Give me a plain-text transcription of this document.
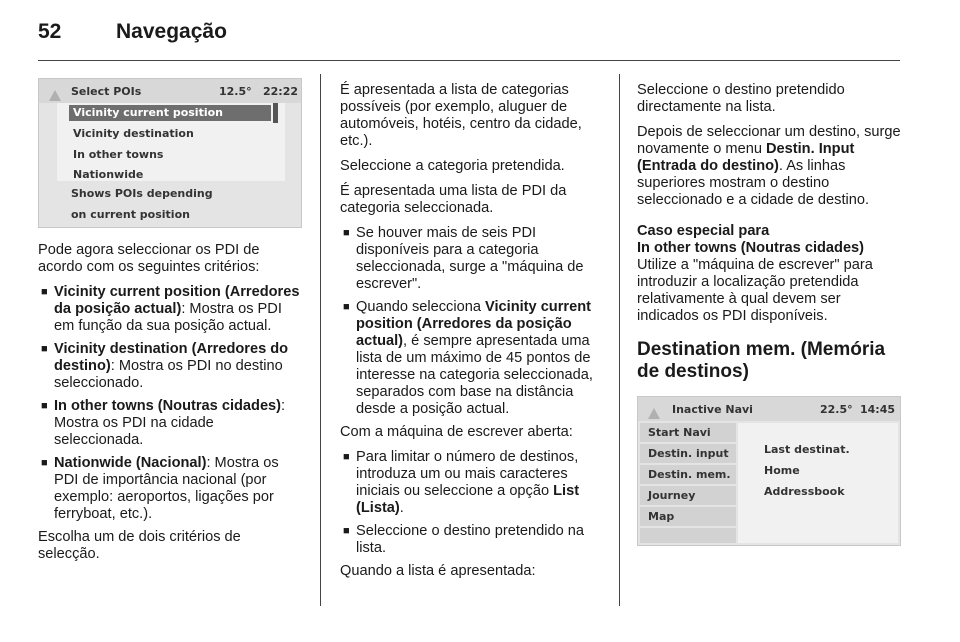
52	Navegação
Select POIs	12.5° 22:22
Vicinity current position
Vicinity destination
In other towns
Nationwide
Shows POIs depending
on current position

Pode agora seleccionar os PDI de acordo com os seguintes critérios:

■ Vicinity current position (Arredores da posição actual): Mostra os PDI em função da sua posição actual.
■ Vicinity destination (Arredores do destino): Mostra os PDI no destino seleccionado.
■ In other towns (Noutras cidades): Mostra os PDI na cidade seleccionada.
■ Nationwide (Nacional): Mostra os PDI de importância nacional (por exemplo: aeroportos, ligações por ferryboat, etc.).

Escolha um de dois critérios de selecção.

É apresentada a lista de categorias possíveis (por exemplo, aluguer de automóveis, hotéis, centro da cidade, etc.).

Seleccione a categoria pretendida.

É apresentada uma lista de PDI da categoria seleccionada.

■ Se houver mais de seis PDI disponíveis para a categoria seleccionada, surge a "máquina de escrever".
■ Quando selecciona Vicinity current position (Arredores da posição actual), é sempre apresentada uma lista de um máximo de 45 pontos de interesse na categoria seleccionada, separados com base na distância desde a posição actual.

Com a máquina de escrever aberta:

■ Para limitar o número de destinos, introduza um ou mais caracteres iniciais ou seleccione a opção List (Lista).
■ Seleccione o destino pretendido na lista.

Quando a lista é apresentada:

Seleccione o destino pretendido directamente na lista.

Depois de seleccionar um destino, surge novamente o menu Destin. Input (Entrada do destino). As linhas superiores mostram o destino seleccionado e a cidade de destino.

Caso especial para
In other towns (Noutras cidades)

Utilize a "máquina de escrever" para introduzir a localização pretendida relativamente à qual devem ser indicados os PDI disponíveis.

Destination mem. (Memória de destinos)
Inactive Navi	22.5° 14:45
Start Navi
Destin. input
Destin. mem.
Journey
Map
Last destinat.
Home
Addressbook
